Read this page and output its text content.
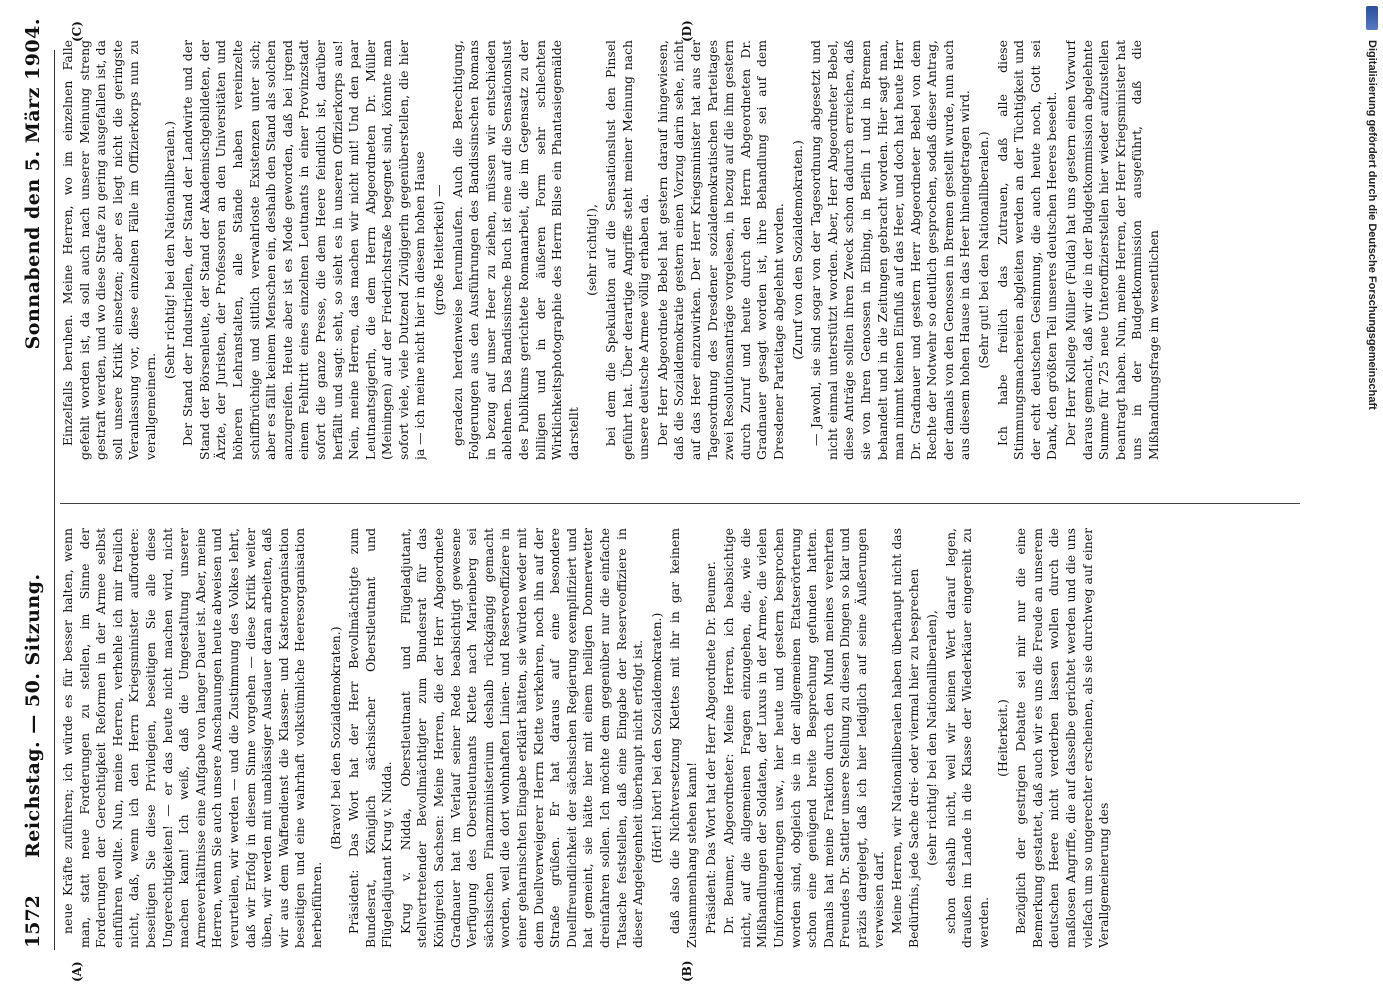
1572
Reichstag. — 50. Sitzung.
Sonnabend den 5. März 1904.
(A)	(B)
(C)	(D)

neue Kräfte zuführen; ich würde es für besser halten, wenn man, statt neue Forderungen zu stellen, im Sinne der Forderungen der Gerechtigkeit Reformen in der Armee selbst einführen wollte. Nun, meine Herren, verhehle ich mir freilich nicht, daß, wenn ich den Herrn Kriegsminister auffordere: beseitigen Sie diese Privilegien, beseitigen Sie alle diese Ungerechtigkeiten! — er das heute nicht machen wird, nicht machen kann! Ich weiß, daß die Umgestaltung unserer Armeeverhältnisse eine Aufgabe von langer Dauer ist. Aber, meine Herren, wenn Sie auch unsere Anschauungen heute abweisen und verurteilen, wir werden — und die Zustimmung des Volkes lehrt, daß wir Erfolg in diesem Sinne vorgehen — diese Kritik weiter üben, wir werden mit unablässiger Ausdauer daran arbeiten, daß wir aus dem Waffendienst die Klassen- und Kastenorganisation beseitigen und eine wahrhaft volkstümliche Heeresorganisation herbeiführen.

(Bravo! bei den Sozialdemokraten.) Präsident: Das Wort hat der Herr Bevollmächtigte zum Bundesrat, Königlich sächsischer Oberstleutnant und Flügeladjutant Krug v. Nidda. Krug v. Nidda, Oberstleutnant und Flügeladjutant, stellvertretender Bevollmächtigter zum Bundesrat für das Königreich Sachsen: Meine Herren, die der Herr Abgeordnete Gradnauer hat im Verlauf seiner Rede beabsichtigt gewesene Verfügung des Oberstleutnants Klette nach Marienberg sei sächsischen Finanzministerium deshalb rückgängig gemacht worden, weil die dort wohnhaften Linien- und Reserveoffiziere in einer geharnischten Eingabe erklärt hätten, sie würden weder mit dem Duellverweigerer Herrn Klette verkehren, noch ihn auf der Straße grüßen. Er hat daraus auf eine besondere Duellfreundlichkeit der sächsischen Regierung exemplifiziert und hat gemeint, sie hätte hier mit einem heiligen Donnerwetter dreinfahren sollen. Ich möchte dem gegenüber nur die einfache Tatsache feststellen, daß eine Eingabe der Reserveoffiziere in dieser Angelegenheit überhaupt nicht erfolgt ist. (Hört! hört! bei den Sozialdemokraten.) daß also die Nichtversetzung Klettes mit ihr in gar keinem Zusammenhang stehen kann! Präsident: Das Wort hat der Herr Abgeordnete Dr. Beumer. Dr. Beumer, Abgeordneter: Meine Herren, ich beabsichtige nicht, auf die allgemeinen Fragen einzugehen, die, wie die Mißhandlungen der Soldaten, der Luxus in der Armee, die vielen Uniformänderungen usw., hier heute und gestern besprochen worden sind, obgleich sie in der allgemeinen Etatserörterung schon eine genügend breite Besprechung gefunden hatten. Damals hat meine Fraktion durch den Mund meines verehrten Freundes Dr. Sattler unsere Stellung zu diesen Dingen so klar und präzis dargelegt, daß ich hier lediglich auf seine Äußerungen verweisen darf. Meine Herren, wir Nationalliberalen haben überhaupt nicht das Bedürfnis, jede Sache drei- oder viermal hier zu besprechen (sehr richtig! bei den Nationalliberalen), schon deshalb nicht, weil wir keinen Wert darauf legen, draußen im Lande in die Klasse der Wiederkäuer eingereiht zu werden.

(Heiterkeit.) Bezüglich der gestrigen Debatte sei mir nur die eine Bemerkung gestattet, daß auch wir es uns die Freude an unserem deutschen Heere nicht verderben lassen wollen durch die maßlosen Angriffe, die auf dasselbe gerichtet werden und die uns vielfach um so ungerechter erscheinen, als sie durchweg auf einer Verallgemeinerung des

Einzelfalls beruhen. Meine Herren, wo im einzelnen Falle gefehlt worden ist, da soll auch nach unserer Meinung streng gestraft werden, und wo diese Strafe zu gering ausgefallen ist, da soll unsere Kritik einsetzen; aber es liegt nicht die geringste Veranlassung vor, diese einzelnen Fälle im Offizierkorps nun zu verallgemeinern.

(Sehr richtig! bei den Nationalliberalen.) Der Stand der Industriellen, der Stand der Landwirte und der Stand der Börsenleute, der Stand der Akademischgebildeten, der Ärzte, der Juristen, der Professoren an den Universitäten und höheren Lehranstalten, alle Stände haben vereinzelte schiffbrüchige und sittlich verwahrloste Existenzen unter sich; aber es fällt keinem Menschen ein, deshalb den Stand als solchen anzugreifen. Heute aber ist es Mode geworden, daß bei irgend einem Fehltritt eines einzelnen Leutnants in einer Provinzstadt sofort die ganze Presse, die dem Heere feindlich ist, darüber herfällt und sagt: seht, so sieht es in unseren Offizierkorps aus! Nein, meine Herren, das machen wir nicht mit! Und den paar Leutnantsgigerln, die dem Herrn Abgeordneten Dr. Müller (Meiningen) auf der Friedrichstraße begegnet sind, könnte man sofort viele, viele Dutzend Zivilgigerln gegenüberstellen, die hier ja — ich meine nicht hier in diesem hohen Hause (große Heiterkeit) — geradezu herdenweise herumlaufen. Auch die Berechtigung, Folgerungen aus den Ausführungen des Bandissinschen Romans in bezug auf unser Heer zu ziehen, müssen wir entschieden ablehnen. Das Bandissinsche Buch ist eine auf die Sensationslust des Publikums gerichtete Romanarbeit, die im Gegensatz zu der billigen und in der äußeren Form sehr schlechten Wirklichkeitsphotographie des Herrn Bilse ein Phantasiegemälde darstellt

(sehr richtig!), bei dem die Spekulation auf die Sensationslust den Pinsel geführt hat. Über derartige Angriffe steht meiner Meinung nach unsere deutsche Armee völlig erhaben da. Der Herr Abgeordnete Bebel hat gestern darauf hingewiesen, daß die Sozialdemokratie gestern einen Vorzug darin sehe, nicht auf das Heer einzuwirken. Der Herr Kriegsminister hat aus der Tagesordnung des Dresdener sozialdemokratischen Parteitages zwei Resolutionsanträge vorgelesen, in bezug auf die ihm gestern durch Zuruf und heute durch den Herrn Abgeordneten Dr. Gradnauer gesagt worden ist, ihre Behandlung sei auf dem Dresdener Parteitage abgelehnt worden. (Zuruf von den Sozialdemokraten.) — Jawohl, sie sind sogar von der Tagesordnung abgesetzt und nicht einmal unterstützt worden. Aber, Herr Abgeordneter Bebel, diese Anträge sollten ihren Zweck schon dadurch erreichen, daß sie von Ihren Genossen in Elbing, in Berlin I und in Bremen behandelt und in die Zeitungen gebracht worden. Hier sagt man, man nimmt keinen Einfluß auf das Heer, und doch hat heute Herr Dr. Gradnauer und gestern Herr Abgeordneter Bebel von dem Rechte der Notwehr so deutlich gesprochen, sodaß dieser Antrag, der damals von den Genossen in Bremen gestellt wurde, nun auch aus diesem hohen Hause in das Heer hineingetragen wird. (Sehr gut! bei den Nationalliberalen.) Ich habe freilich das Zutrauen, daß alle diese Stimmungsmachereien abgleiten werden an der Tüchtigkeit und der echt deutschen Gesinnung, die auch heute noch, Gott sei Dank, den größten Teil unseres deutschen Heeres beseelt. Der Herr Kollege Müller (Fulda) hat uns gestern einen Vorwurf daraus gemacht, daß wir die in der Budgetkommission abgelehnte Summe für 725 neue Unteroffizierstellen hier wieder aufzustellen beantragt haben. Nun, meine Herren, der Herr Kriegsminister hat uns in der Budgetkommission ausgeführt, daß die Mißhandlungsfrage im wesentlichen	Digitalisierung gefördert durch die Deutsche Forschungsgemeinschaft
